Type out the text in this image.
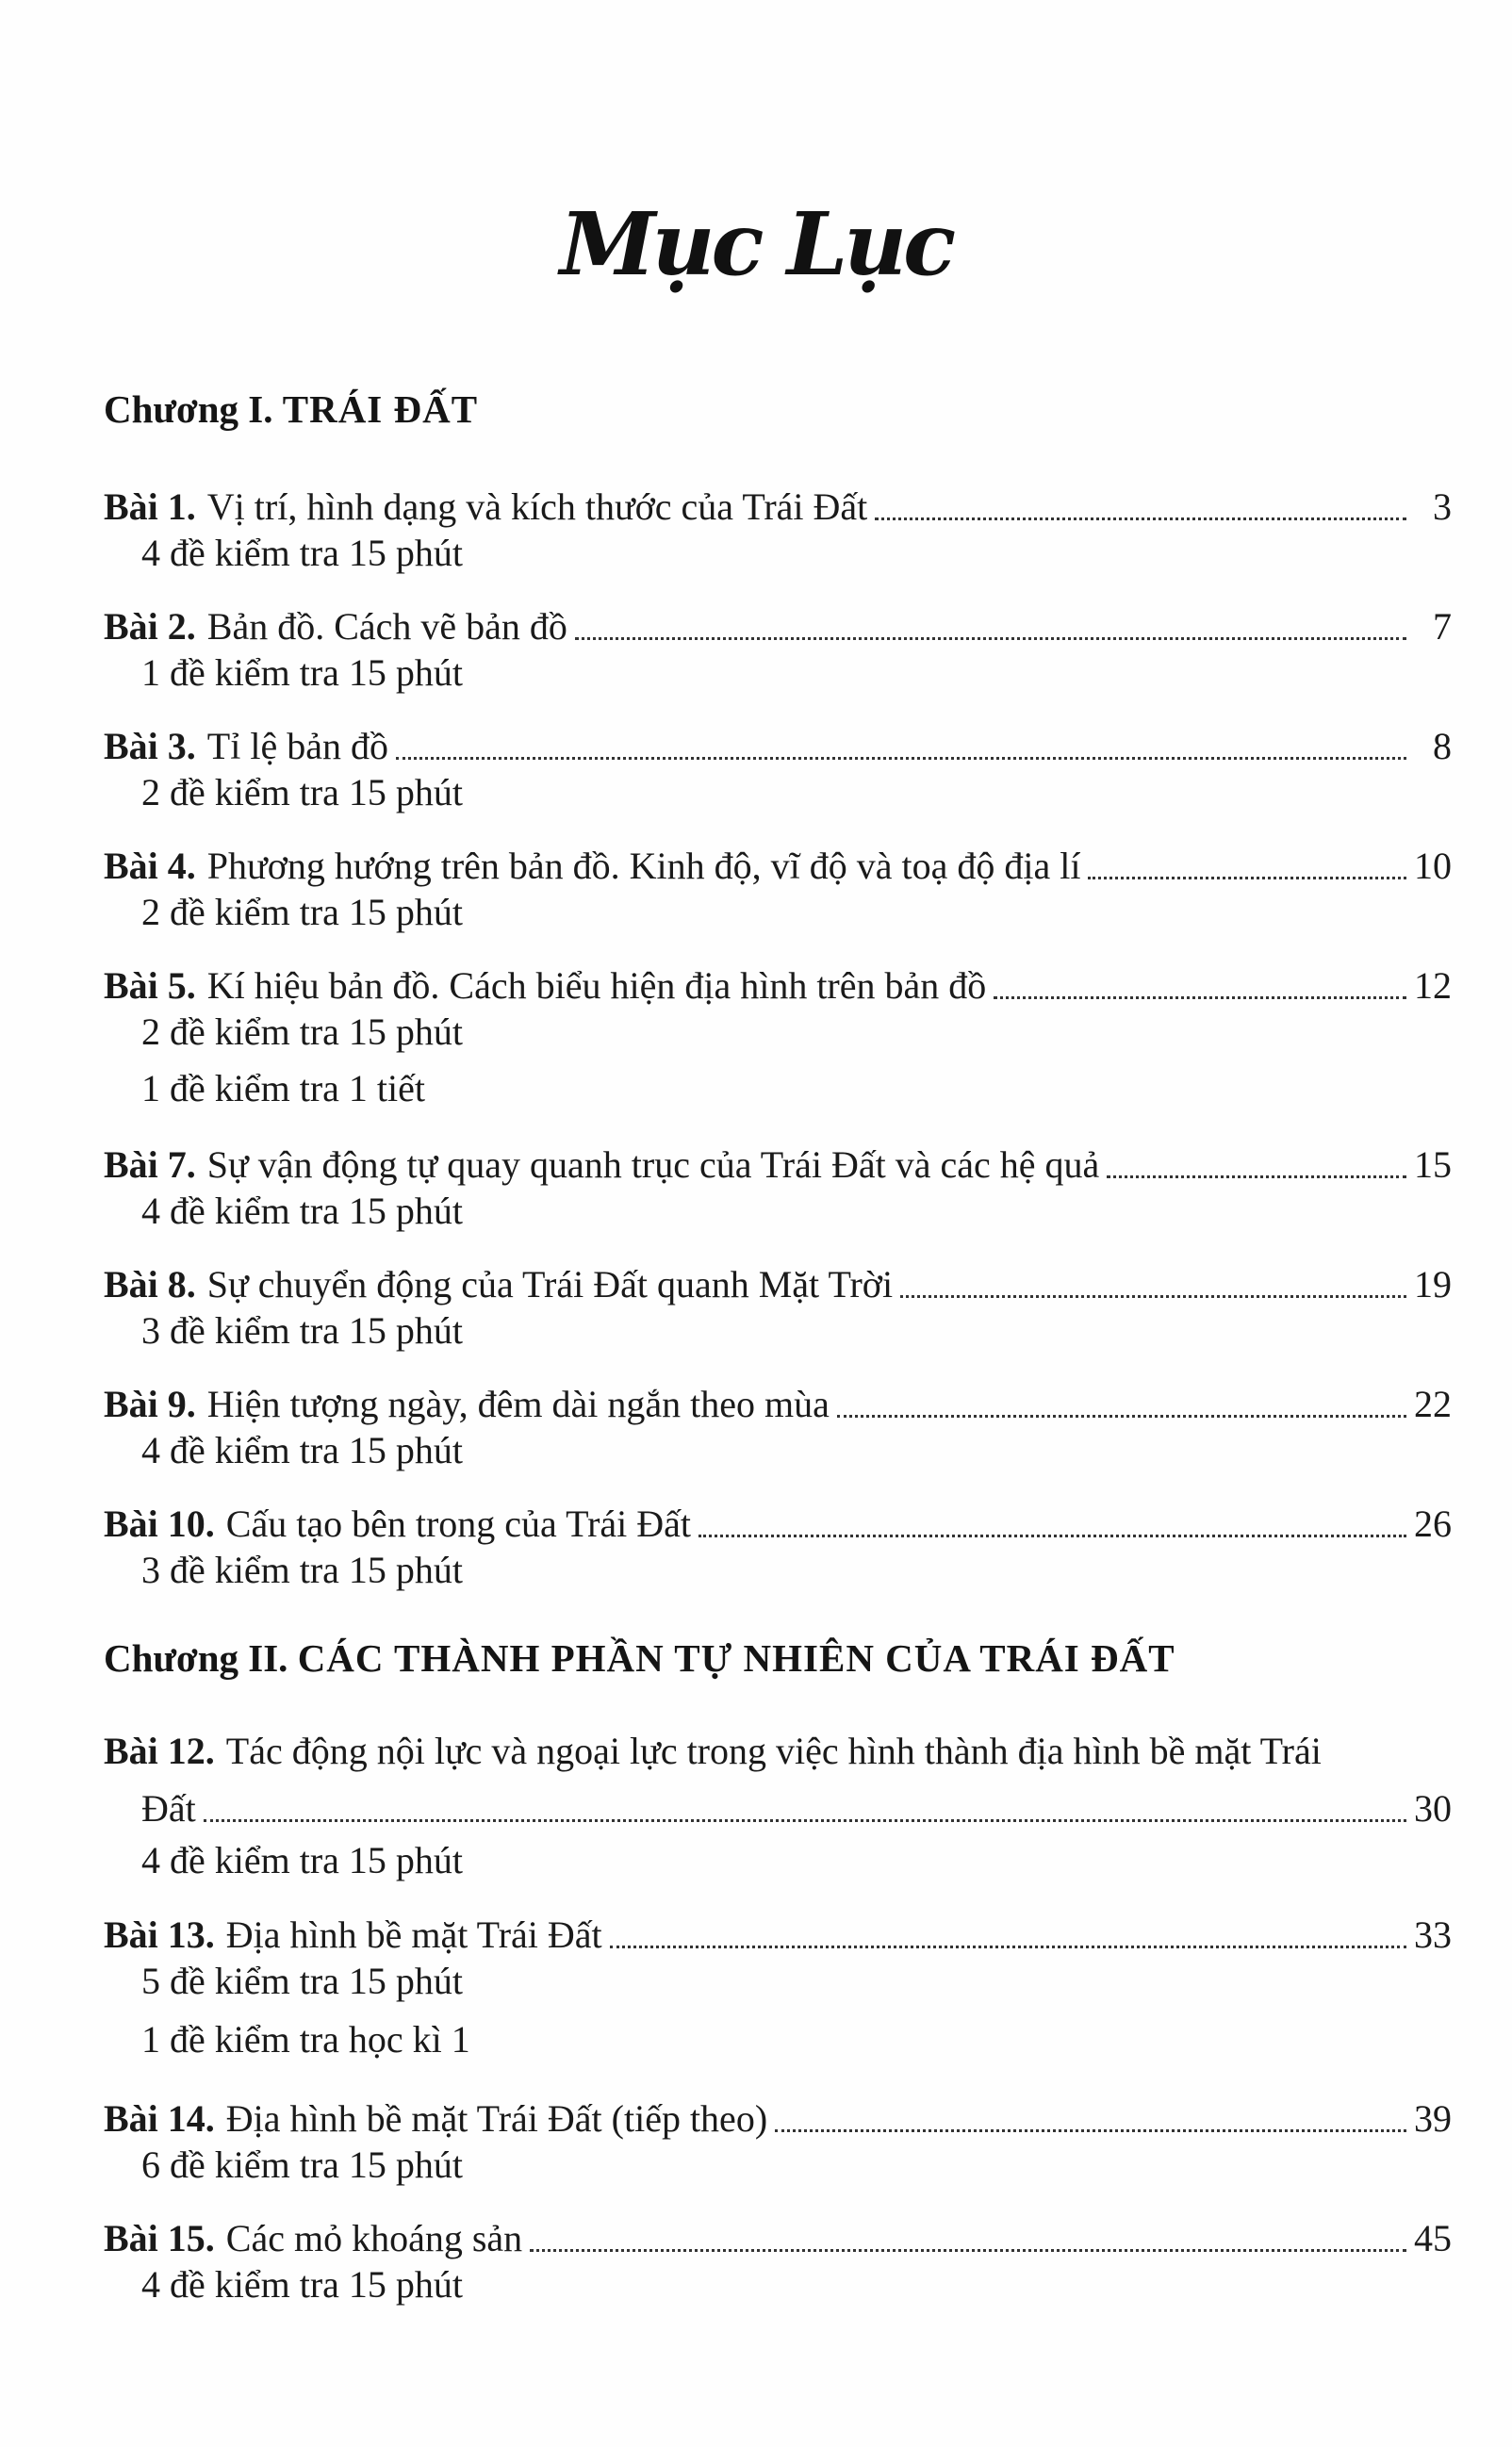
Mục Lục
Chương I. TRÁI ĐẤT
Bài 1. Vị trí, hình dạng và kích thước của Trái Đất	3
4 đề kiểm tra 15 phút
Bài 2. Bản đồ. Cách vẽ bản đồ	7
1 đề kiểm tra 15 phút
Bài 3. Tỉ lệ bản đồ	8
2 đề kiểm tra 15 phút
Bài 4. Phương hướng trên bản đồ. Kinh độ, vĩ độ và toạ độ địa lí	10
2 đề kiểm tra 15 phút
Bài 5. Kí hiệu bản đồ. Cách biểu hiện địa hình trên bản đồ	12
2 đề kiểm tra 15 phút
1 đề kiểm tra 1 tiết
Bài 7. Sự vận động tự quay quanh trục của Trái Đất và các hệ quả	15
4 đề kiểm tra 15 phút
Bài 8. Sự chuyển động của Trái Đất quanh Mặt Trời	19
3 đề kiểm tra 15 phút
Bài 9. Hiện tượng ngày, đêm dài ngắn theo mùa	22
4 đề kiểm tra 15 phút
Bài 10. Cấu tạo bên trong của Trái Đất	26
3 đề kiểm tra 15 phút
Chương II. CÁC THÀNH PHẦN TỰ NHIÊN CỦA TRÁI ĐẤT
Bài 12. Tác động nội lực và ngoại lực trong việc hình thành địa hình bề mặt Trái
Đất	30
4 đề kiểm tra 15 phút
Bài 13. Địa hình bề mặt Trái Đất	33
5 đề kiểm tra 15 phút
1 đề kiểm tra học kì 1
Bài 14. Địa hình bề mặt Trái Đất (tiếp theo)	39
6 đề kiểm tra 15 phút
Bài 15. Các mỏ khoáng sản	45
4 đề kiểm tra 15 phút
